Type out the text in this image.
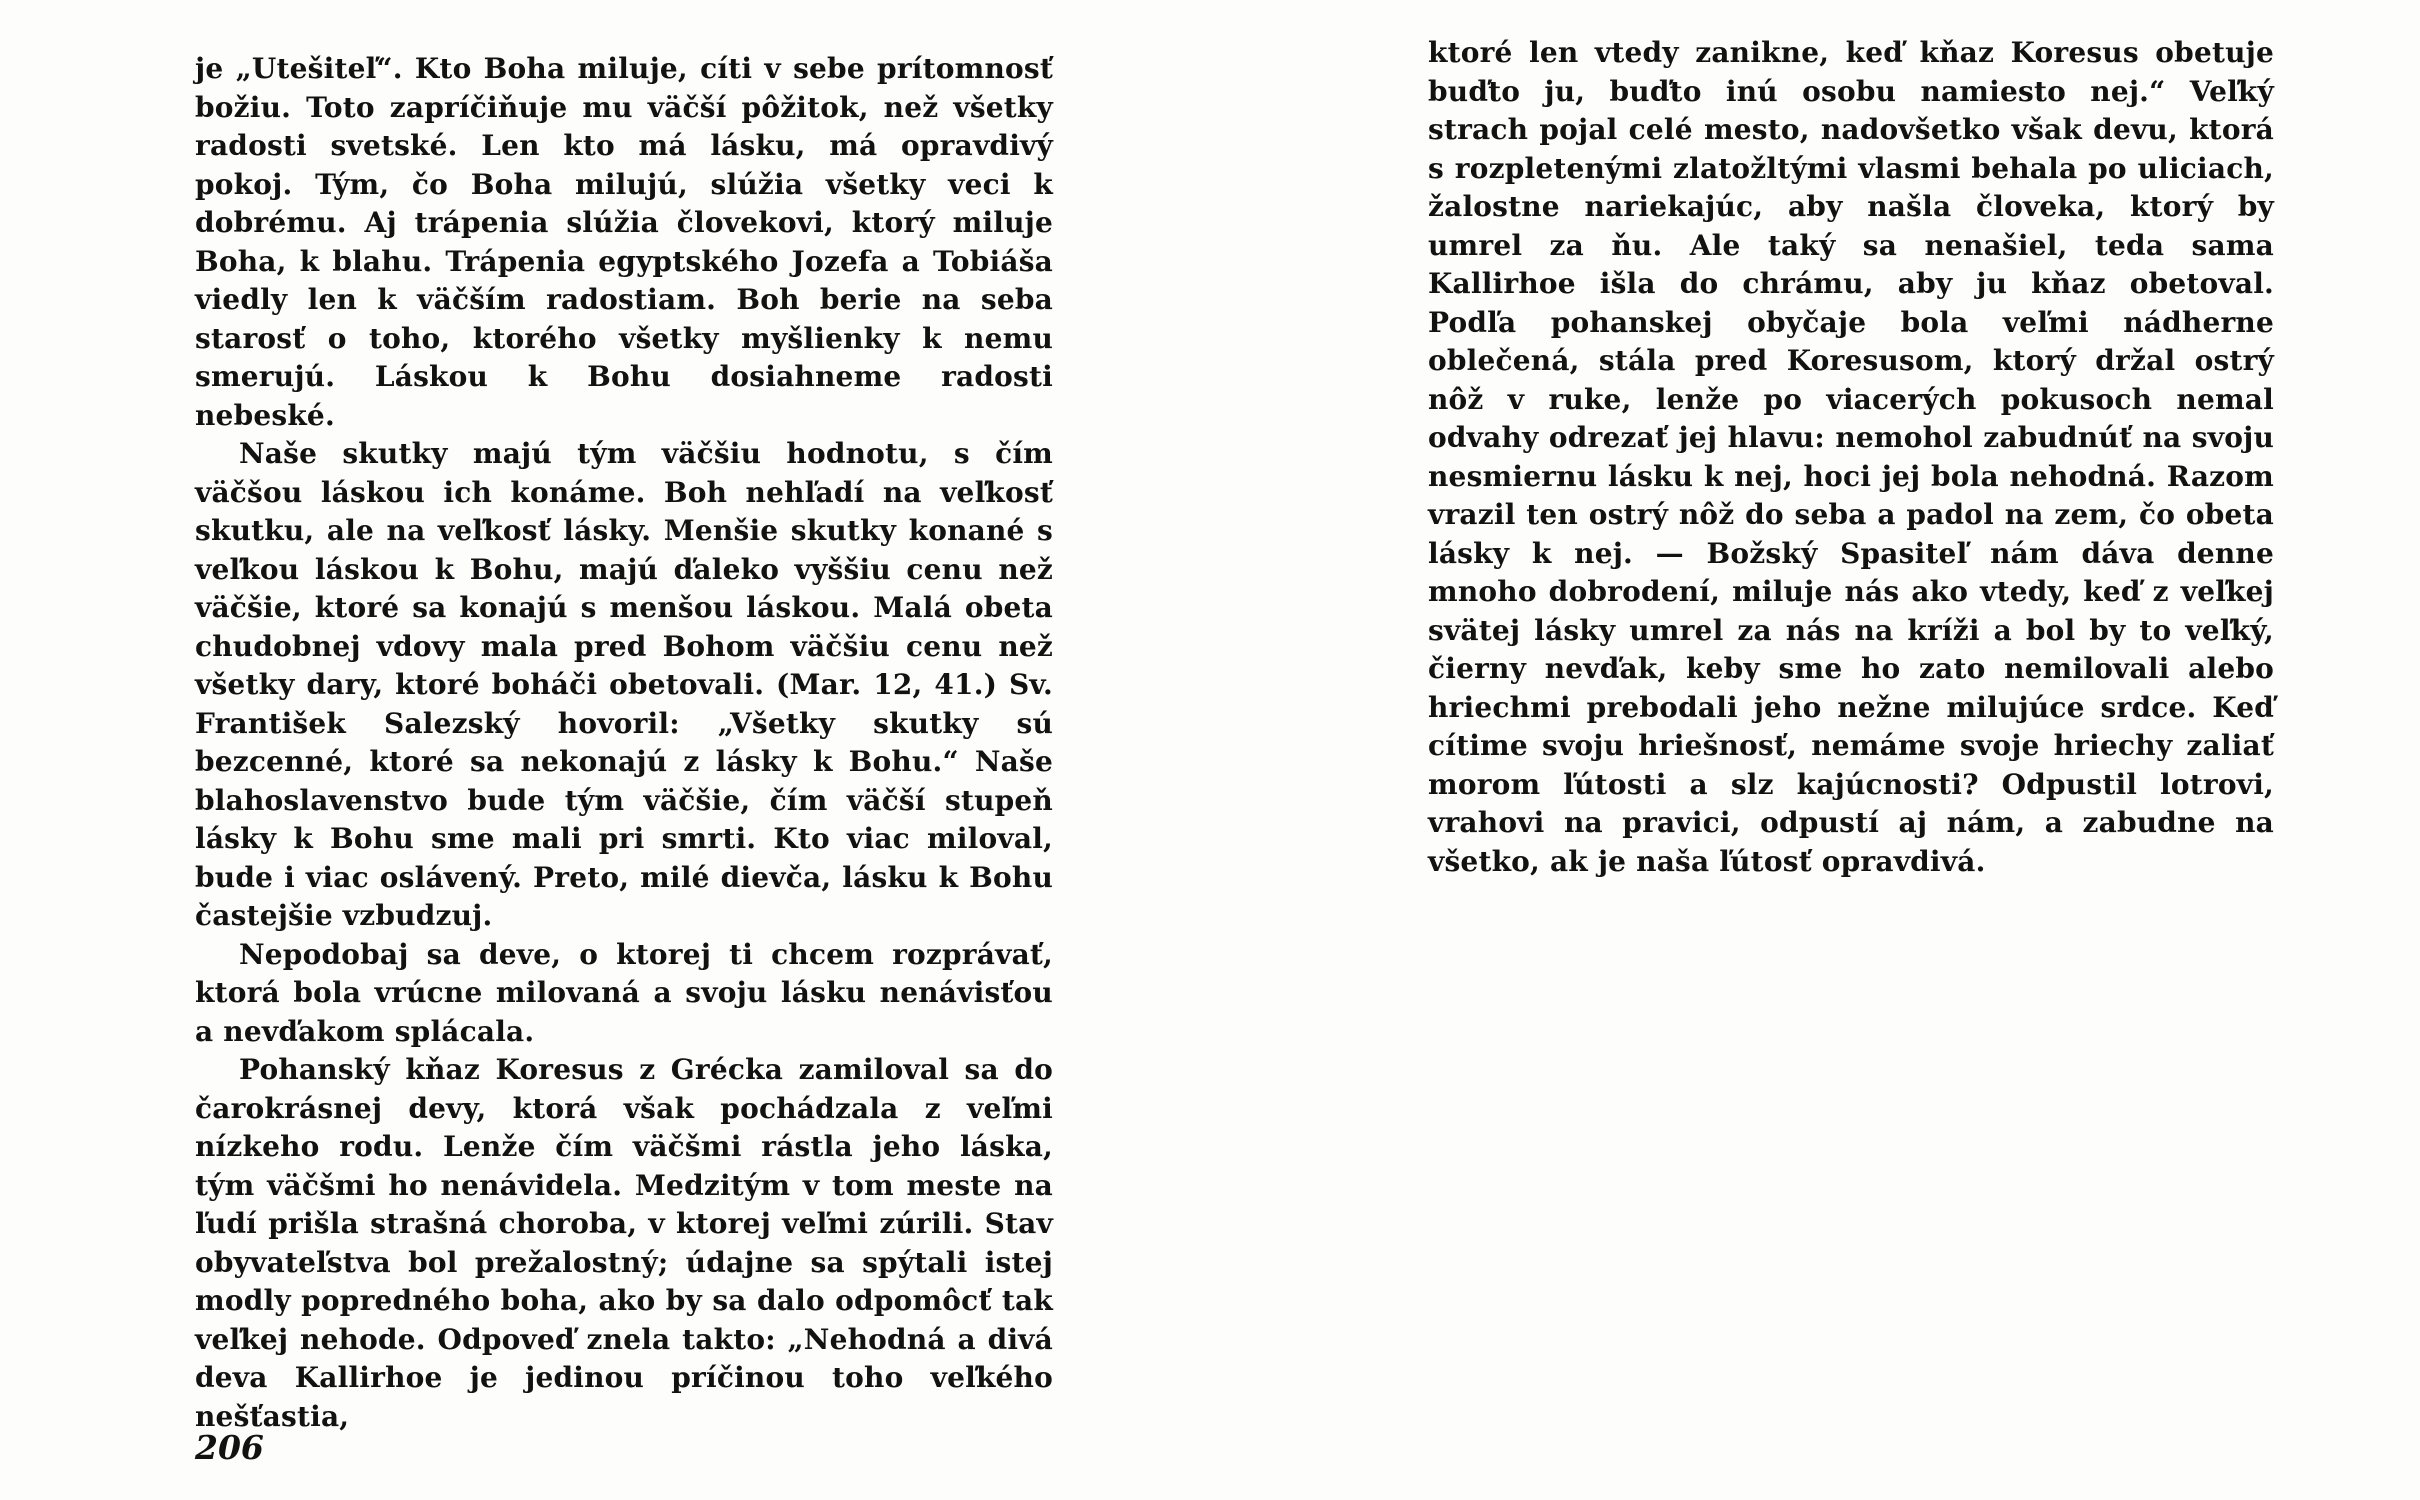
je „Utešiteľ“. Kto Boha miluje, cíti v sebe prítomnosť božiu. Toto zapríčiňuje mu väčší pôžitok, než všetky radosti svetské. Len kto má lásku, má opravdivý pokoj. Tým, čo Boha milujú, slúžia všetky veci k dobrému. Aj trápenia slúžia človekovi, ktorý miluje Boha, k blahu. Trápenia egyptského Jozefa a Tobiáša viedly len k väčším radostiam. Boh berie na seba starosť o toho, ktorého všetky myšlienky k nemu smerujú. Láskou k Bohu dosiahneme radosti nebeské.

Naše skutky majú tým väčšiu hodnotu, s čím väčšou láskou ich konáme. Boh nehľadí na veľkosť skutku, ale na veľkosť lásky. Menšie skutky konané s veľkou láskou k Bohu, majú ďaleko vyššiu cenu než väčšie, ktoré sa konajú s menšou láskou. Malá obeta chudobnej vdovy mala pred Bohom väčšiu cenu než všetky dary, ktoré boháči obetovali. (Mar. 12, 41.) Sv. František Salezský hovoril: „Všetky skutky sú bezcenné, ktoré sa nekonajú z lásky k Bohu.“ Naše blahoslavenstvo bude tým väčšie, čím väčší stupeň lásky k Bohu sme mali pri smrti. Kto viac miloval, bude i viac oslávený. Preto, milé dievča, lásku k Bohu častejšie vzbudzuj.

Nepodobaj sa deve, o ktorej ti chcem rozprávať, ktorá bola vrúcne milovaná a svoju lásku nenávisťou a nevďakom splácala.

Pohanský kňaz Koresus z Grécka zamiloval sa do čarokrásnej devy, ktorá však pochádzala z veľmi nízkeho rodu. Lenže čím väčšmi rástla jeho láska, tým väčšmi ho nenávidela. Medzitým v tom meste na ľudí prišla strašná choroba, v ktorej veľmi zúrili. Stav obyvateľstva bol prežalostný; údajne sa spýtali istej modly popredného boha, ako by sa dalo odpomôcť tak veľkej nehode. Odpoveď znela takto: „Nehodná a divá deva Kallirhoe je jedinou príčinou toho veľkého nešťastia,

ktoré len vtedy zanikne, keď kňaz Koresus obetuje buďto ju, buďto inú osobu namiesto nej.“ Veľký strach pojal celé mesto, nadovšetko však devu, ktorá s rozpletenými zlatožltými vlasmi behala po uliciach, žalostne nariekajúc, aby našla človeka, ktorý by umrel za ňu. Ale taký sa nenašiel, teda sama Kallirhoe išla do chrámu, aby ju kňaz obetoval. Podľa pohanskej obyčaje bola veľmi nádherne oblečená, stála pred Koresusom, ktorý držal ostrý nôž v ruke, lenže po viacerých pokusoch nemal odvahy odrezať jej hlavu: nemohol zabudnúť na svoju nesmiernu lásku k nej, hoci jej bola nehodná. Razom vrazil ten ostrý nôž do seba a padol na zem, čo obeta lásky k nej. — Božský Spasiteľ nám dáva denne mnoho dobrodení, miluje nás ako vtedy, keď z veľkej svätej lásky umrel za nás na kríži a bol by to veľký, čierny nevďak, keby sme ho zato nemilovali alebo hriechmi prebodali jeho nežne milujúce srdce. Keď cítime svoju hriešnosť, nemáme svoje hriechy zaliať morom ľútosti a slz kajúcnosti? Odpustil lotrovi, vrahovi na pravici, odpustí aj nám, a zabudne na všetko, ak je naša ľútosť opravdivá.

206
